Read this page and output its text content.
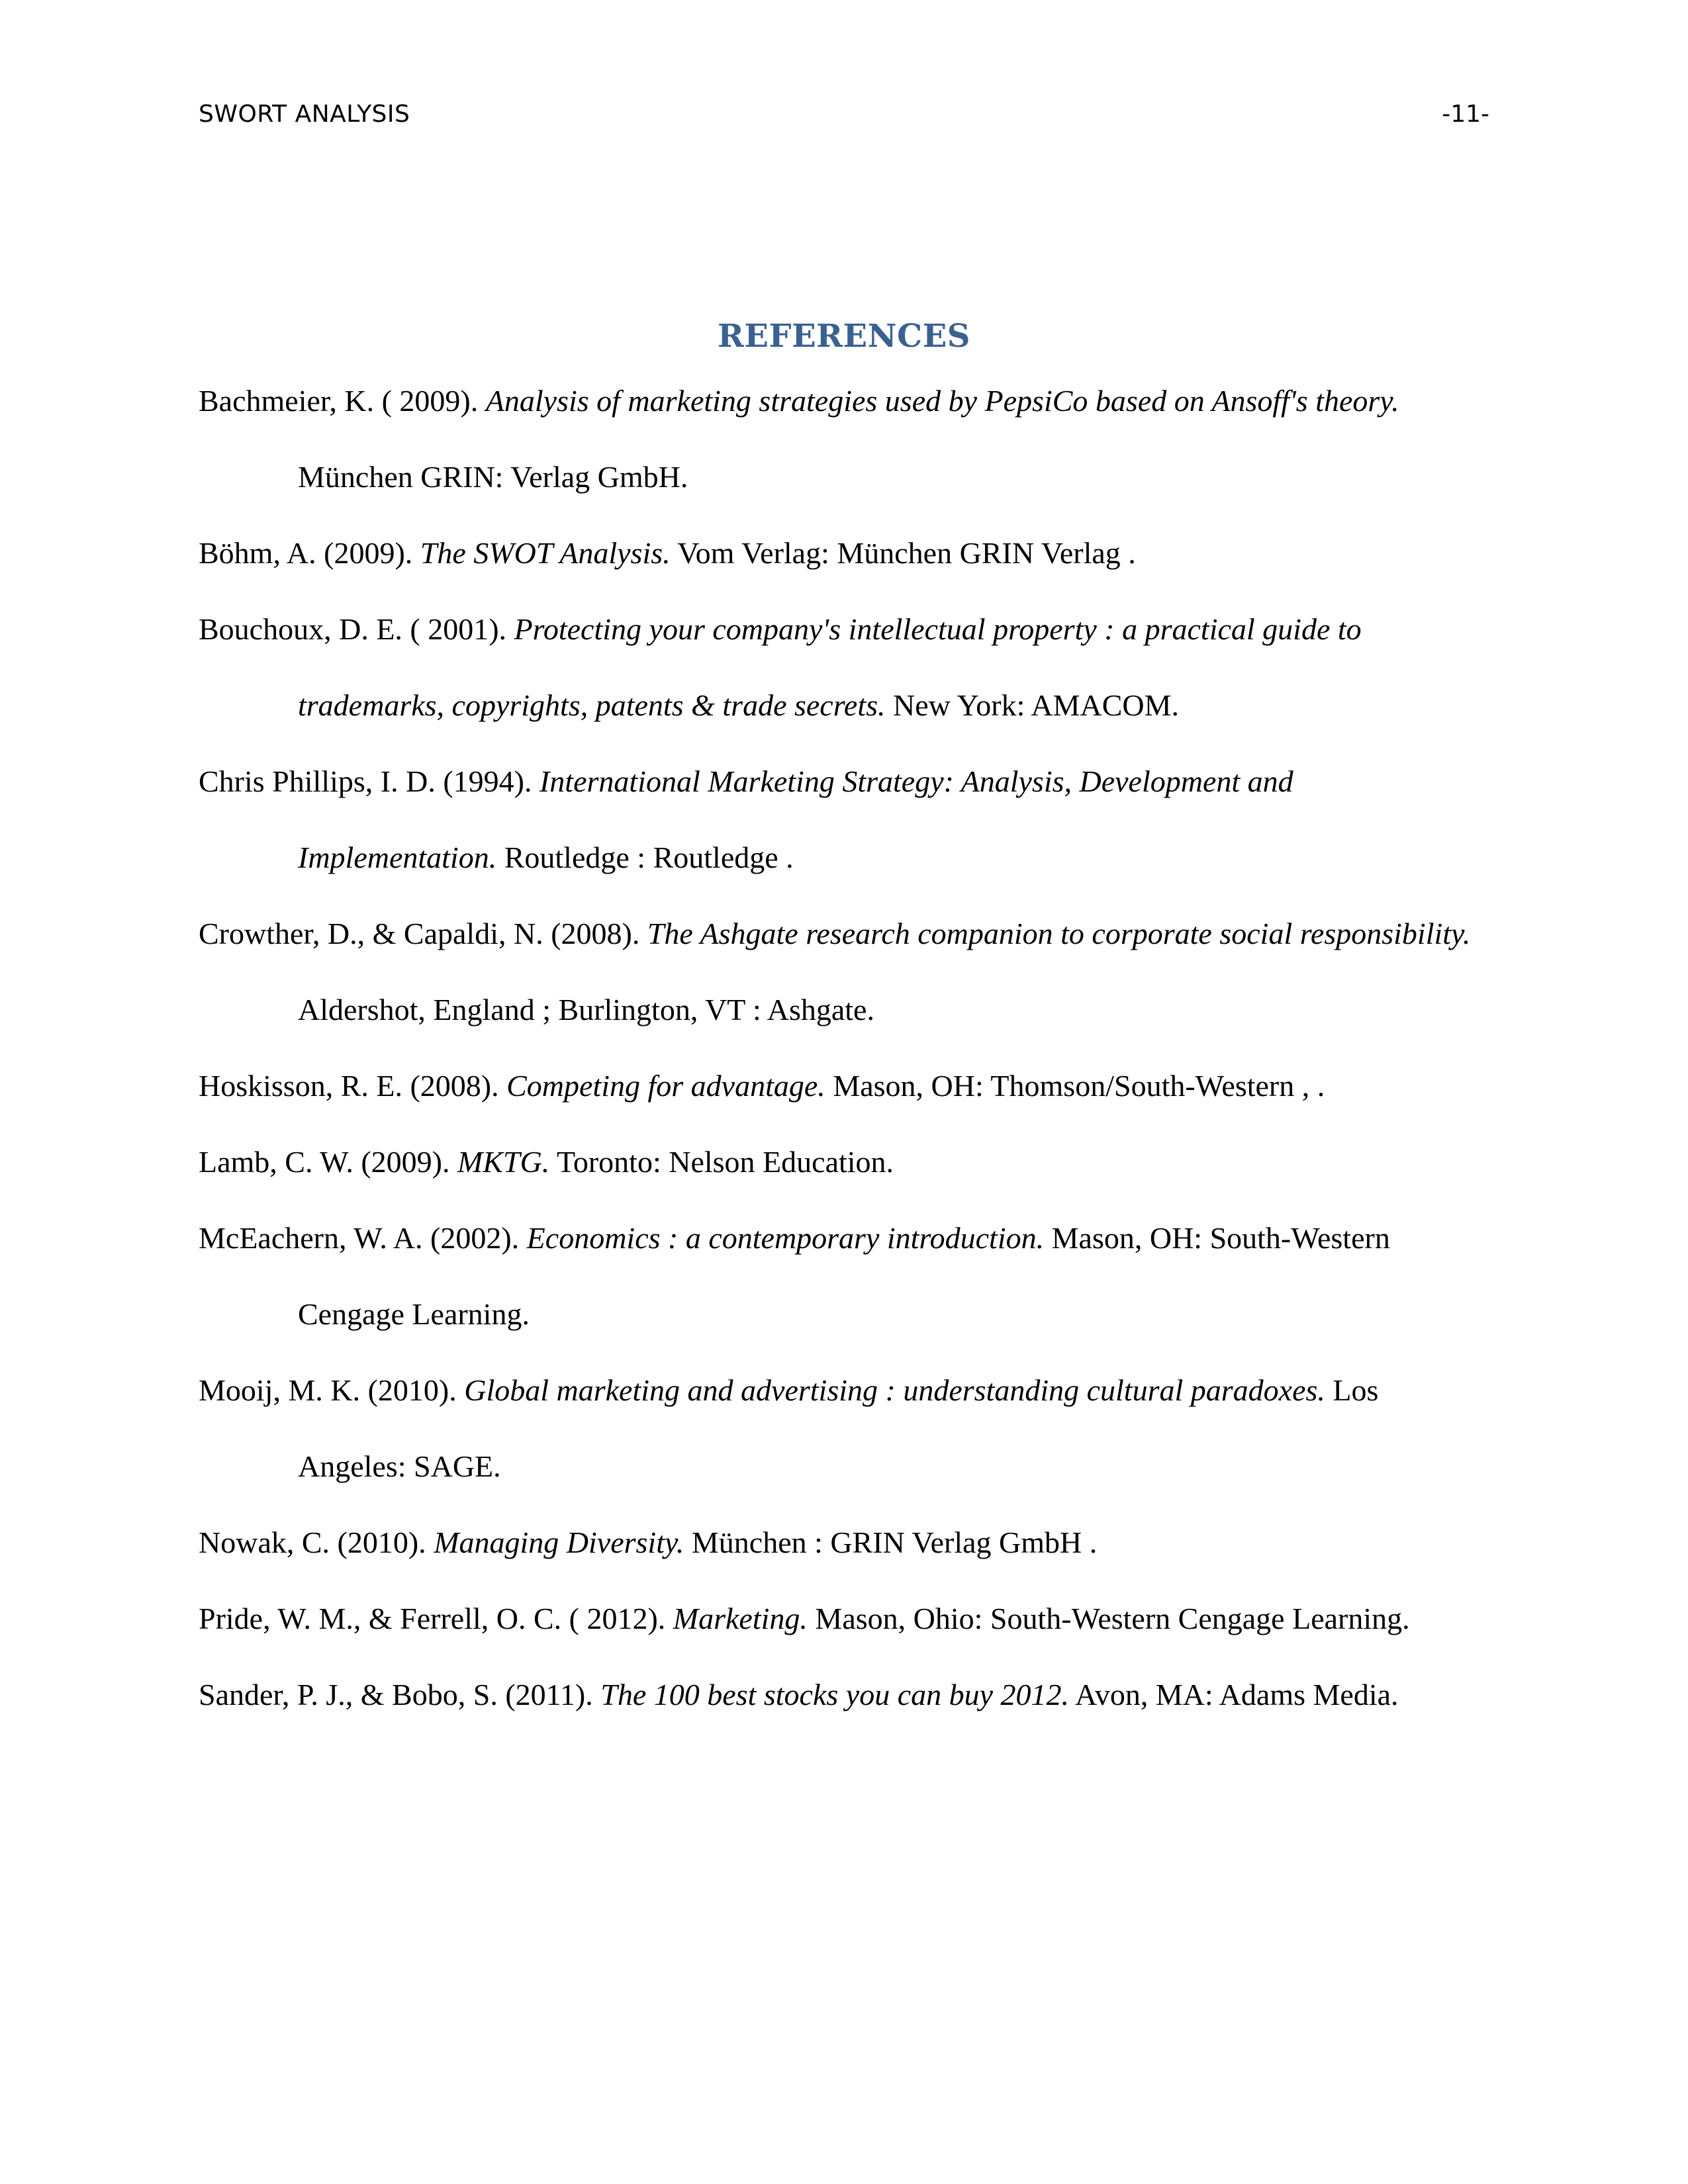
SWORT ANALYSIS	-11-
REFERENCES

Bachmeier, K. ( 2009). Analysis of marketing strategies used by PepsiCo based on Ansoff's theory. München GRIN: Verlag GmbH.

Böhm, A. (2009). The SWOT Analysis. Vom Verlag: München GRIN Verlag .

Bouchoux, D. E. ( 2001). Protecting your company's intellectual property : a practical guide to trademarks, copyrights, patents & trade secrets. New York: AMACOM.

Chris Phillips, I. D. (1994). International Marketing Strategy: Analysis, Development and Implementation. Routledge : Routledge .

Crowther, D., & Capaldi, N. (2008). The Ashgate research companion to corporate social responsibility. Aldershot, England ; Burlington, VT : Ashgate.

Hoskisson, R. E. (2008). Competing for advantage. Mason, OH: Thomson/South-Western , .

Lamb, C. W. (2009). MKTG. Toronto: Nelson Education.

McEachern, W. A. (2002). Economics : a contemporary introduction. Mason, OH: South-Western Cengage Learning.

Mooij, M. K. (2010). Global marketing and advertising : understanding cultural paradoxes. Los Angeles: SAGE.

Nowak, C. (2010). Managing Diversity. München : GRIN Verlag GmbH .

Pride, W. M., & Ferrell, O. C. ( 2012). Marketing. Mason, Ohio: South-Western Cengage Learning.

Sander, P. J., & Bobo, S. (2011). The 100 best stocks you can buy 2012. Avon, MA: Adams Media.
